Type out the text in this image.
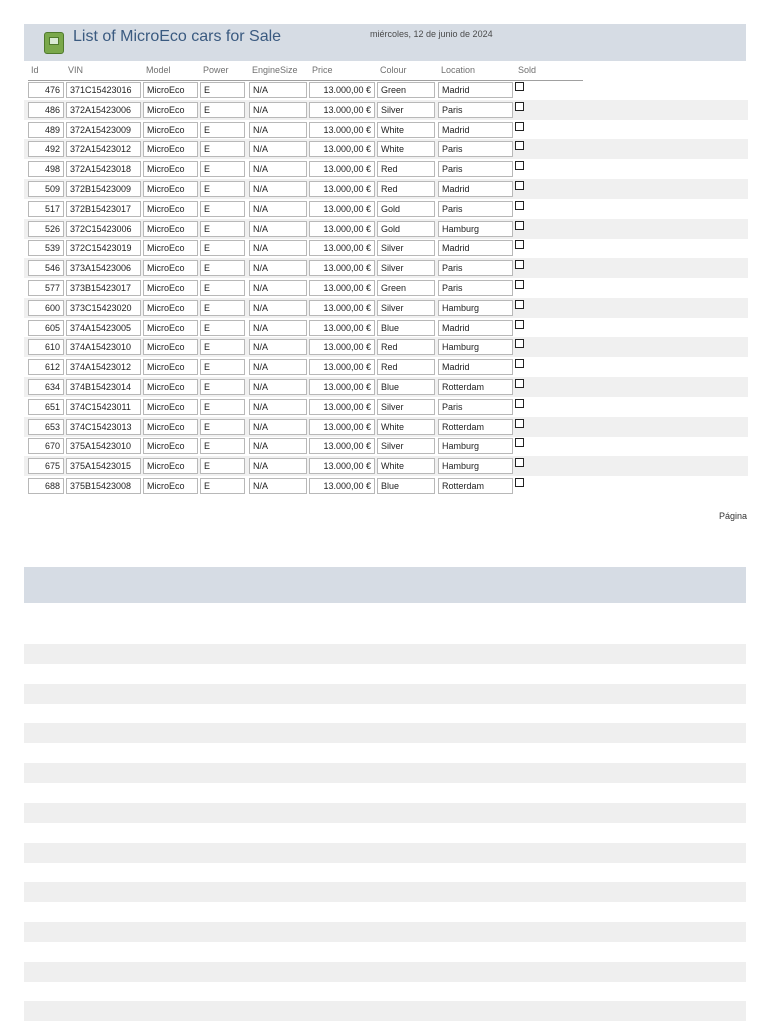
List of MicroEco cars for Sale	miércoles, 12 de junio de 2024
Id	VIN	Model	Power	EngineSize Price	Colour	Location	Sold
476	371C15423016	MicroEco	E	N/A	13.000,00 €	Green	Madrid
486	372A15423006	MicroEco	E	N/A	13.000,00 €	Silver	Paris
489	372A15423009	MicroEco	E	N/A	13.000,00 €	White	Madrid
492	372A15423012	MicroEco	E	N/A	13.000,00 €	White	Paris
498	372A15423018	MicroEco	E	N/A	13.000,00 €	Red	Paris
509	372B15423009	MicroEco	E	N/A	13.000,00 €	Red	Madrid
517	372B15423017	MicroEco	E	N/A	13.000,00 €	Gold	Paris
526	372C15423006	MicroEco	E	N/A	13.000,00 €	Gold	Hamburg
539	372C15423019	MicroEco	E	N/A	13.000,00 €	Silver	Madrid
546	373A15423006	MicroEco	E	N/A	13.000,00 €	Silver	Paris
577	373B15423017	MicroEco	E	N/A	13.000,00 €	Green	Paris
600	373C15423020	MicroEco	E	N/A	13.000,00 €	Silver	Hamburg
605	374A15423005	MicroEco	E	N/A	13.000,00 €	Blue	Madrid
610	374A15423010	MicroEco	E	N/A	13.000,00 €	Red	Hamburg
612	374A15423012	MicroEco	E	N/A	13.000,00 €	Red	Madrid
634	374B15423014	MicroEco	E	N/A	13.000,00 €	Blue	Rotterdam
651	374C15423011	MicroEco	E	N/A	13.000,00 €	Silver	Paris
653	374C15423013	MicroEco	E	N/A	13.000,00 €	White	Rotterdam
670	375A15423010	MicroEco	E	N/A	13.000,00 €	Silver	Hamburg
675	375A15423015	MicroEco	E	N/A	13.000,00 €	White	Hamburg
688	375B15423008	MicroEco	E	N/A	13.000,00 €	Blue	Rotterdam
Página
